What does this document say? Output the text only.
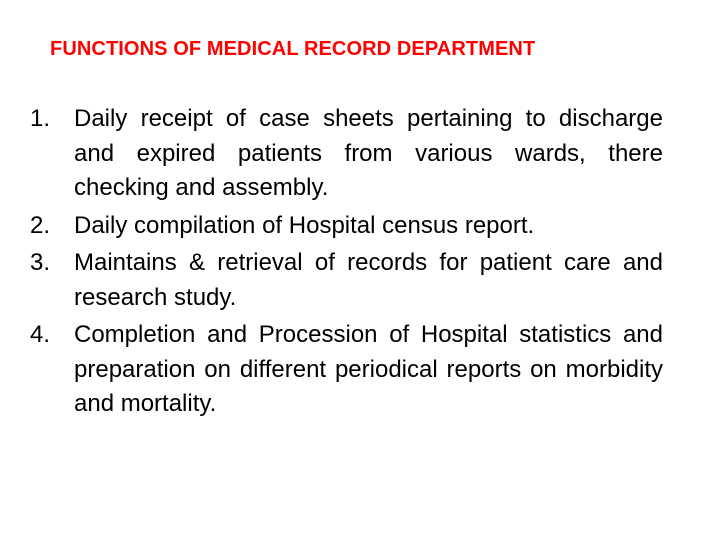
FUNCTIONS OF MEDICAL RECORD DEPARTMENT
1. Daily receipt of case sheets pertaining to discharge and expired patients from various wards, there checking and assembly.
2. Daily compilation of Hospital census report.
3. Maintains & retrieval of records for patient care and research study.
4. Completion and Procession of Hospital statistics and preparation on different periodical reports on morbidity and mortality.
